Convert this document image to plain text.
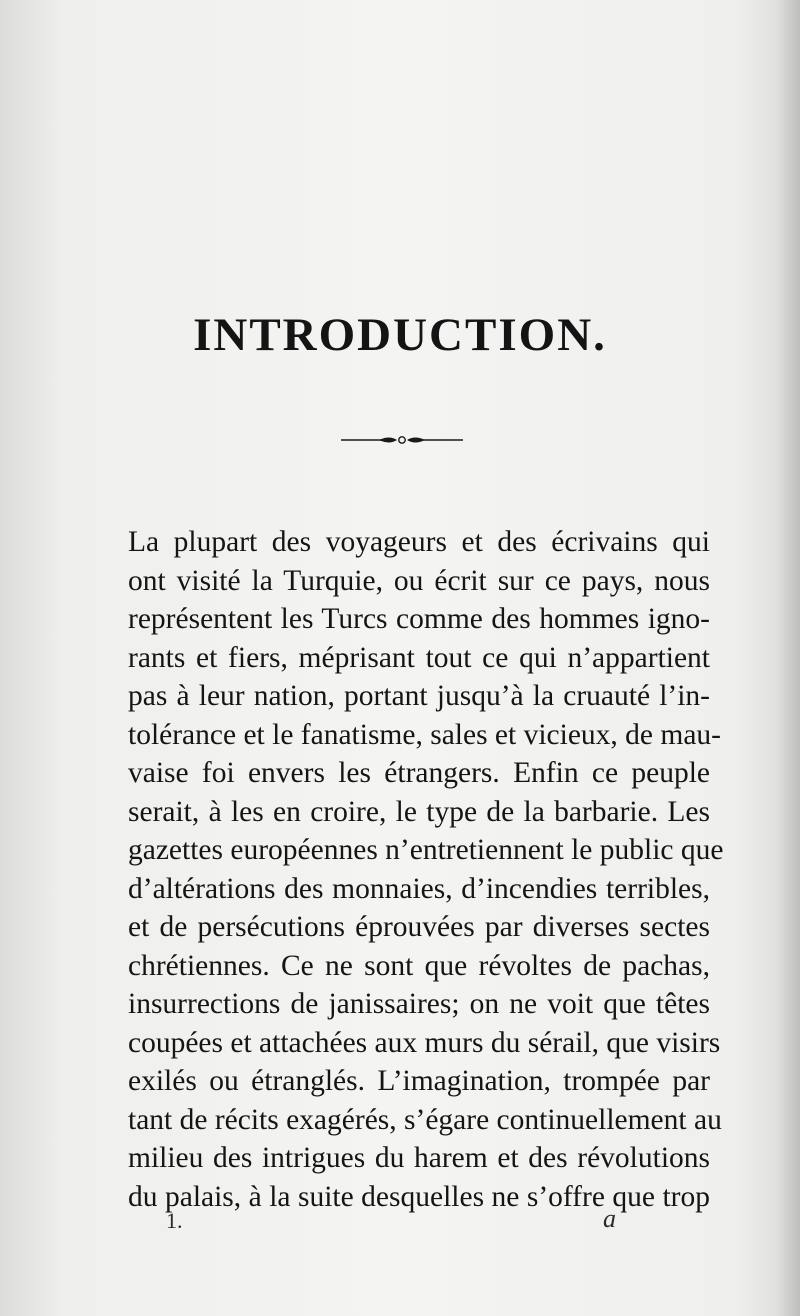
INTRODUCTION.
La plupart des voyageurs et des écrivains qui
ont visité la Turquie, ou écrit sur ce pays, nous
représentent les Turcs comme des hommes igno-
rants et fiers, méprisant tout ce qui n’appartient
pas à leur nation, portant jusqu’à la cruauté l’in-
tolérance et le fanatisme, sales et vicieux, de mau-
vaise foi envers les étrangers. Enfin ce peuple
serait, à les en croire, le type de la barbarie. Les
gazettes européennes n’entretiennent le public que
d’altérations des monnaies, d’incendies terribles,
et de persécutions éprouvées par diverses sectes
chrétiennes. Ce ne sont que révoltes de pachas,
insurrections de janissaires; on ne voit que têtes
coupées et attachées aux murs du sérail, que visirs
exilés ou étranglés. L’imagination, trompée par
tant de récits exagérés, s’égare continuellement au
milieu des intrigues du harem et des révolutions
du palais, à la suite desquelles ne s’offre que trop
1.	a
